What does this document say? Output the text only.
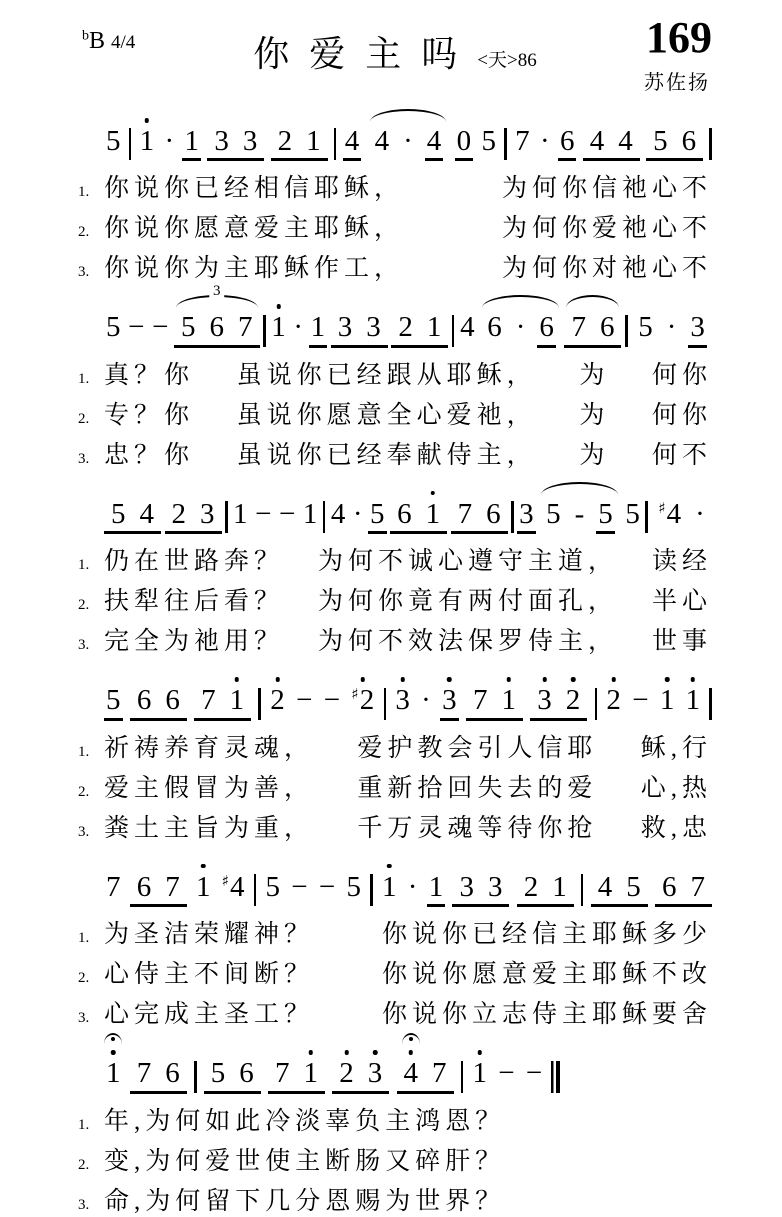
$^b$B 4/4	你爱主吗<天>86	169
苏佐扬
5 1 · 1 3 3 2 1 4 4 · 4 0 5 7 · 6 4 4 5 6
1. 你说你已经相信耶稣，	为何你信祂心不
2. 你说你愿意爱主耶稣，	为何你爱祂心不
3. 你说你为主耶稣作工，	为何你对祂心不
5 − −
3
5 6 7 1 · 1 3 3 2 1 4 6 · 6 7 6 5 · 3
1. 真？你 虽说你已经跟从耶稣， 为 何你
2. 专？你 虽说你愿意全心爱祂， 为 何你
3. 忠？你 虽说你已经奉献侍主， 为 何不
5 4 2 3 1 − − 1 4 · 5 6 1 7 6 3 5 - 5 5 ♯4 ·
1. 仍在世路奔？ 为何不诚心遵守主道， 读经
2. 扶犁往后看？ 为何你竟有两付面孔， 半心
3. 完全为祂用？ 为何不效法保罗侍主， 世事
5 6 6 7 1 2 − − ♯2 3 · 3 7 1 3 2 2 − 1 1
1. 祈祷养育灵魂， 爱护教会引人信耶 稣,行
2. 爱主假冒为善， 重新拾回失去的爱 心,热
3. 粪土主旨为重， 千万灵魂等待你抢 救,忠
7 6 7 1 ♯4 5 − − 5 1 · 1 3 3 2 1 4 5 6 7
1. 为圣洁荣耀神？	你说你已经信主耶稣多少
2. 心侍主不间断？	你说你愿意爱主耶稣不改
3. 心完成主圣工？	你说你立志侍主耶稣要舍
1 7 6 5 6 7 1 2 3 4 7 1 − −
1. 年,为何如此冷淡辜负主鸿恩？
2. 变,为何爱世使主断肠又碎肝？
3. 命,为何留下几分恩赐为世界？
